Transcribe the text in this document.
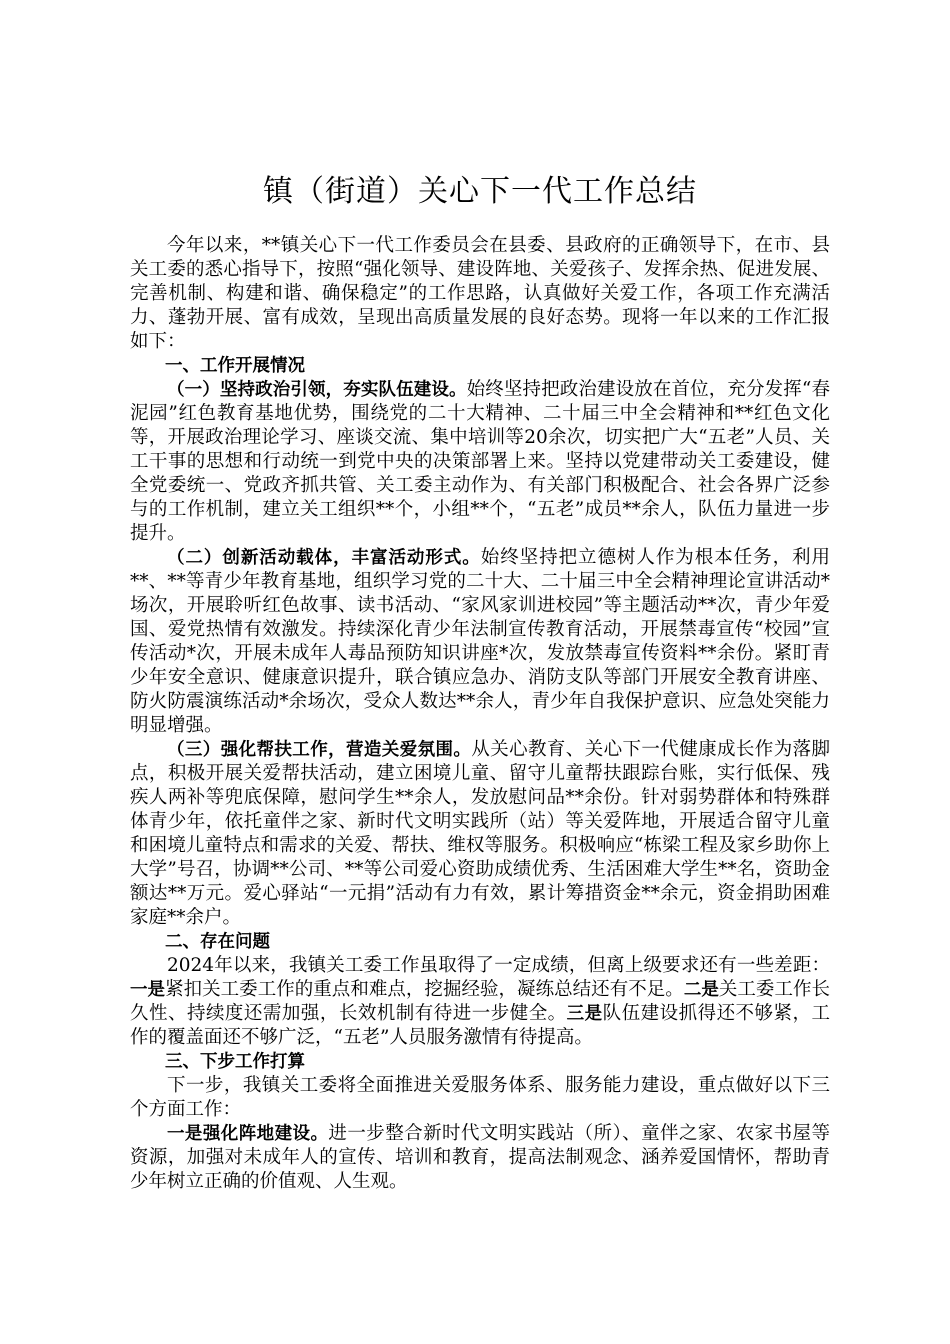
镇（街道）关心下一代工作总结

今年以来，**镇关心下一代工作委员会在县委、县政府的正确领导下，在市、县关工委的悉心指导下，按照“强化领导、建设阵地、关爱孩子、发挥余热、促进发展、完善机制、构建和谐、确保稳定”的工作思路，认真做好关爱工作，各项工作充满活力、蓬勃开展、富有成效，呈现出高质量发展的良好态势。现将一年以来的工作汇报如下：

一、工作开展情况

（一）坚持政治引领，夯实队伍建设。始终坚持把政治建设放在首位，充分发挥“春泥园”红色教育基地优势，围绕党的二十大精神、二十届三中全会精神和**红色文化等，开展政治理论学习、座谈交流、集中培训等20余次，切实把广大“五老”人员、关工干事的思想和行动统一到党中央的决策部署上来。坚持以党建带动关工委建设，健全党委统一、党政齐抓共管、关工委主动作为、有关部门积极配合、社会各界广泛参与的工作机制，建立关工组织**个，小组**个，“五老”成员**余人，队伍力量进一步提升。

（二）创新活动载体，丰富活动形式。始终坚持把立德树人作为根本任务，利用**、**等青少年教育基地，组织学习党的二十大、二十届三中全会精神理论宣讲活动*场次，开展聆听红色故事、读书活动、“家风家训进校园”等主题活动**次，青少年爱国、爱党热情有效激发。持续深化青少年法制宣传教育活动，开展禁毒宣传“校园”宣传活动*次，开展未成年人毒品预防知识讲座*次，发放禁毒宣传资料**余份。紧盯青少年安全意识、健康意识提升，联合镇应急办、消防支队等部门开展安全教育讲座、防火防震演练活动*余场次，受众人数达**余人，青少年自我保护意识、应急处突能力明显增强。

（三）强化帮扶工作，营造关爱氛围。从关心教育、关心下一代健康成长作为落脚点，积极开展关爱帮扶活动，建立困境儿童、留守儿童帮扶跟踪台账，实行低保、残疾人两补等兜底保障，慰问学生**余人，发放慰问品**余份。针对弱势群体和特殊群体青少年，依托童伴之家、新时代文明实践所（站）等关爱阵地，开展适合留守儿童和困境儿童特点和需求的关爱、帮扶、维权等服务。积极响应“栋梁工程及家乡助你上大学”号召，协调**公司、**等公司爱心资助成绩优秀、生活困难大学生**名，资助金额达**万元。爱心驿站“一元捐”活动有力有效，累计筹措资金**余元，资金捐助困难家庭**余户。

二、存在问题

2024年以来，我镇关工委工作虽取得了一定成绩，但离上级要求还有一些差距：一是紧扣关工委工作的重点和难点，挖掘经验，凝练总结还有不足。二是关工委工作长久性、持续度还需加强，长效机制有待进一步健全。三是队伍建设抓得还不够紧，工作的覆盖面还不够广泛，“五老”人员服务激情有待提高。

三、下步工作打算

下一步，我镇关工委将全面推进关爱服务体系、服务能力建设，重点做好以下三个方面工作：

一是强化阵地建设。进一步整合新时代文明实践站（所）、童伴之家、农家书屋等资源，加强对未成年人的宣传、培训和教育，提高法制观念、涵养爱国情怀，帮助青少年树立正确的价值观、人生观。
